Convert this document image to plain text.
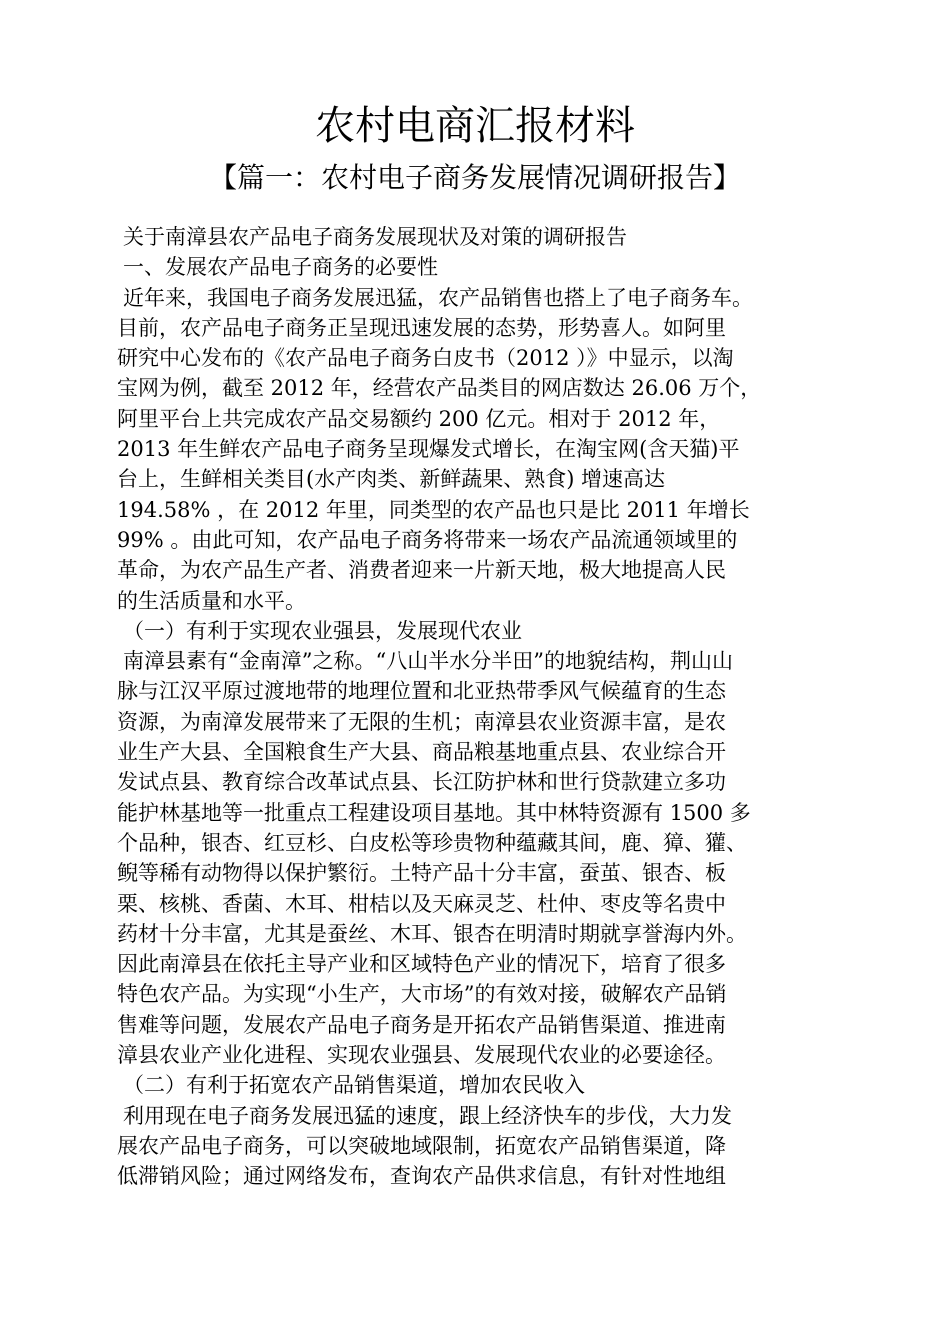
农村电商汇报材料
【篇一：农村电子商务发展情况调研报告】
关于南漳县农产品电子商务发展现状及对策的调研报告
一、发展农产品电子商务的必要性
近年来，我国电子商务发展迅猛，农产品销售也搭上了电子商务车。
目前，农产品电子商务正呈现迅速发展的态势，形势喜人。如阿里
研究中心发布的《农产品电子商务白皮书（2012 ）》中显示，以淘
宝网为例，截至 2012 年，经营农产品类目的网店数达 26.06 万个，
阿里平台上共完成农产品交易额约 200 亿元。相对于 2012 年，
2013 年生鲜农产品电子商务呈现爆发式增长，在淘宝网(含天猫)平
台上，生鲜相关类目(水产肉类、新鲜蔬果、熟食) 增速高达
194.58% ，在 2012 年里，同类型的农产品也只是比 2011 年增长
99% 。由此可知，农产品电子商务将带来一场农产品流通领域里的
革命，为农产品生产者、消费者迎来一片新天地，极大地提高人民
的生活质量和水平。
（一）有利于实现农业强县，发展现代农业
南漳县素有“金南漳”之称。“八山半水分半田”的地貌结构，荆山山
脉与江汉平原过渡地带的地理位置和北亚热带季风气候蕴育的生态
资源，为南漳发展带来了无限的生机；南漳县农业资源丰富，是农
业生产大县、全国粮食生产大县、商品粮基地重点县、农业综合开
发试点县、教育综合改革试点县、长江防护林和世行贷款建立多功
能护林基地等一批重点工程建设项目基地。其中林特资源有 1500 多
个品种，银杏、红豆杉、白皮松等珍贵物种蕴藏其间，鹿、獐、獾、
鲵等稀有动物得以保护繁衍。土特产品十分丰富，蚕茧、银杏、板
栗、核桃、香菌、木耳、柑桔以及天麻灵芝、杜仲、枣皮等名贵中
药材十分丰富，尤其是蚕丝、木耳、银杏在明清时期就享誉海内外。
因此南漳县在依托主导产业和区域特色产业的情况下，培育了很多
特色农产品。为实现“小生产，大市场”的有效对接，破解农产品销
售难等问题，发展农产品电子商务是开拓农产品销售渠道、推进南
漳县农业产业化进程、实现农业强县、发展现代农业的必要途径。
（二）有利于拓宽农产品销售渠道，增加农民收入
利用现在电子商务发展迅猛的速度，跟上经济快车的步伐，大力发
展农产品电子商务，可以突破地域限制，拓宽农产品销售渠道，降
低滞销风险；通过网络发布，查询农产品供求信息，有针对性地组
